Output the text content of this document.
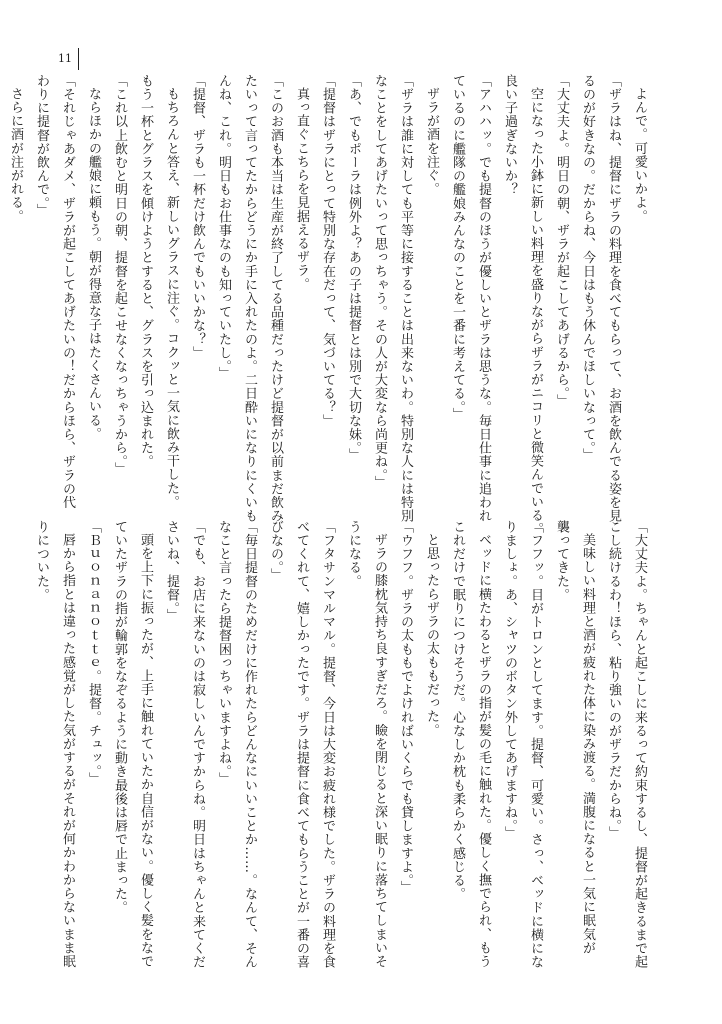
11
よんで。可愛いかよ。
「ザラはね、提督にザラの料理を食べてもらって、お酒を飲んでる姿を見
るのが好きなの。だからね、今日はもう休んでほしいなって。」
「大丈夫よ。明日の朝、ザラが起こしてあげるから。」
空になった小鉢に新しい料理を盛りながらザラがニコリと微笑んでいる。
良い子過ぎないか？
「アハハッ。でも提督のほうが優しいとザラは思うな。毎日仕事に追われ
ているのに艦隊の艦娘みんなのことを一番に考えてる。」
ザラが酒を注ぐ。
「ザラは誰に対しても平等に接することは出来ないわ。特別な人には特別
なことをしてあげたいって思っちゃう。その人が大変なら尚更ね。」
「あ、でもポーラは例外よ？あの子は提督とは別で大切な妹。」
「提督はザラにとって特別な存在だって、気づいてる？」
真っ直ぐこちらを見据えるザラ。
「このお酒も本当は生産が終了してる品種だったけど提督が以前まだ飲み
たいって言ってたからどうにか手に入れたのよ。二日酔いになりにくいも
んね、これ。明日もお仕事なのも知っていたし。」
「提督、ザラも一杯だけ飲んでもいいかな？」
もちろんと答え、新しいグラスに注ぐ。コクッと一気に飲み干した。
もう一杯とグラスを傾けようとすると、グラスを引っ込まれた。
「これ以上飲むと明日の朝、提督を起こせなくなっちゃうから。」
ならほかの艦娘に頼もう。朝が得意な子はたくさんいる。
「それじゃあダメ、ザラが起こしてあげたいの！だからほら、ザラの代
わりに提督が飲んで。」
さらに酒が注がれる。
「大丈夫よ。ちゃんと起こしに来るって約束するし、提督が起きるまで起
こし続けるわ！ほら、粘り強いのがザラだからね。」
美味しい料理と酒が疲れた体に染み渡る。満腹になると一気に眠気が
襲ってきた。
「フフッ。目がトロンとしてます。提督、可愛い。さっ、ベッドに横にな
りましょ。あ、シャツのボタン外してあげますね。」
ベッドに横たわるとザラの指が髪の毛に触れた。優しく撫でられ、もう
これだけで眠りにつけそうだ。心なしか枕も柔らかく感じる。
と思ったらザラの太ももだった。
「ウフフ。ザラの太ももでよければいくらでも貸しますよ。」
ザラの膝枕気持ち良すぎだろ。瞼を閉じると深い眠りに落ちてしまいそ
うになる。
「フタサンマルマル。提督、今日は大変お疲れ様でした。ザラの料理を食
べてくれて、嬉しかったです。ザラは提督に食べてもらうことが一番の喜
びなの。」
「毎日提督のためだけに作れたらどんなにいいことか……。なんて、そん
なこと言ったら提督困っちゃいますよね。」
「でも、お店に来ないのは寂しいんですからね。明日はちゃんと来てくだ
さいね、提督。」
頭を上下に振ったが、上手に触れていたか自信がない。優しく髪をなで
ていたザラの指が輪郭をなぞるように動き最後は唇で止まった。
「Ｂｕｏｎａｎｏｔｔｅ。提督。チュッ。」
唇から指とは違った感覚がした気がするがそれが何かわからないまま眠
りについた。
